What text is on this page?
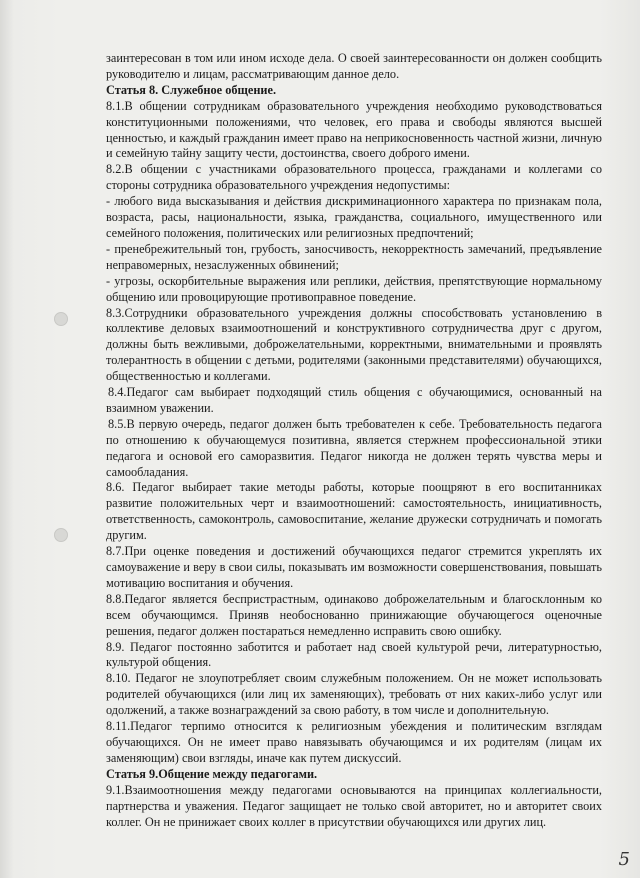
заинтересован в том или ином исходе дела. О своей заинтересованности он должен сообщить руководителю и лицам, рассматривающим данное дело.

Статья 8. Служебное общение.

8.1.В общении сотрудникам образовательного учреждения необходимо руководствоваться конституционными положениями, что человек, его права и свободы являются высшей ценностью, и каждый гражданин имеет право на неприкосновенность частной жизни, личную и семейную тайну защиту чести, достоинства, своего доброго имени.

8.2.В общении с участниками образовательного процесса, гражданами и коллегами со стороны сотрудника образовательного учреждения недопустимы:

- любого вида высказывания и действия дискриминационного характера по признакам пола, возраста, расы, национальности, языка, гражданства, социального, имущественного или семейного положения, политических или религиозных предпочтений;

- пренебрежительный тон, грубость, заносчивость, некорректность замечаний, предъявление неправомерных, незаслуженных обвинений;

- угрозы, оскорбительные выражения или реплики, действия, препятствующие нормальному общению или провоцирующие противоправное поведение.

8.3.Сотрудники образовательного учреждения должны способствовать установлению в коллективе деловых взаимоотношений и конструктивного сотрудничества друг с другом, должны быть вежливыми, доброжелательными, корректными, внимательными и проявлять толерантность в общении с детьми, родителями (законными представителями) обучающихся, общественностью и коллегами.

8.4.Педагог сам выбирает подходящий стиль общения с обучающимися, основанный на взаимном уважении.

8.5.В первую очередь, педагог должен быть требователен к себе. Требовательность педагога по отношению к обучающемуся позитивна, является стержнем профессиональной этики педагога и основой его саморазвития. Педагог никогда не должен терять чувства меры и самообладания.

8.6. Педагог выбирает такие методы работы, которые поощряют в его воспитанниках развитие положительных черт и взаимоотношений: самостоятельность, инициативность, ответственность, самоконтроль, самовоспитание, желание дружески сотрудничать и помогать другим.

8.7.При оценке поведения и достижений обучающихся педагог стремится укреплять их самоуважение и веру в свои силы, показывать им возможности совершенствования, повышать мотивацию воспитания и обучения.

8.8.Педагог является беспристрастным, одинаково доброжелательным и благосклонным ко всем обучающимся. Приняв необоснованно принижающие обучающегося оценочные решения, педагог должен постараться немедленно исправить свою ошибку.

8.9. Педагог постоянно заботится и работает над своей культурой речи, литературностью, культурой общения.

8.10. Педагог не злоупотребляет своим служебным положением. Он не может использовать родителей обучающихся (или лиц их заменяющих), требовать от них каких-либо услуг или одолжений, а также вознаграждений за свою работу, в том числе и дополнительную.

8.11.Педагог терпимо относится к религиозным убеждения и политическим взглядам обучающихся. Он не имеет право навязывать обучающимся и их родителям (лицам их заменяющим) свои взгляды, иначе как путем дискуссий.

Статья 9.Общение между педагогами.

9.1.Взаимоотношения между педагогами основываются на принципах коллегиальности, партнерства и уважения. Педагог защищает не только свой авторитет, но и авторитет своих коллег. Он не принижает своих коллег в присутствии обучающихся или других лиц.

5
